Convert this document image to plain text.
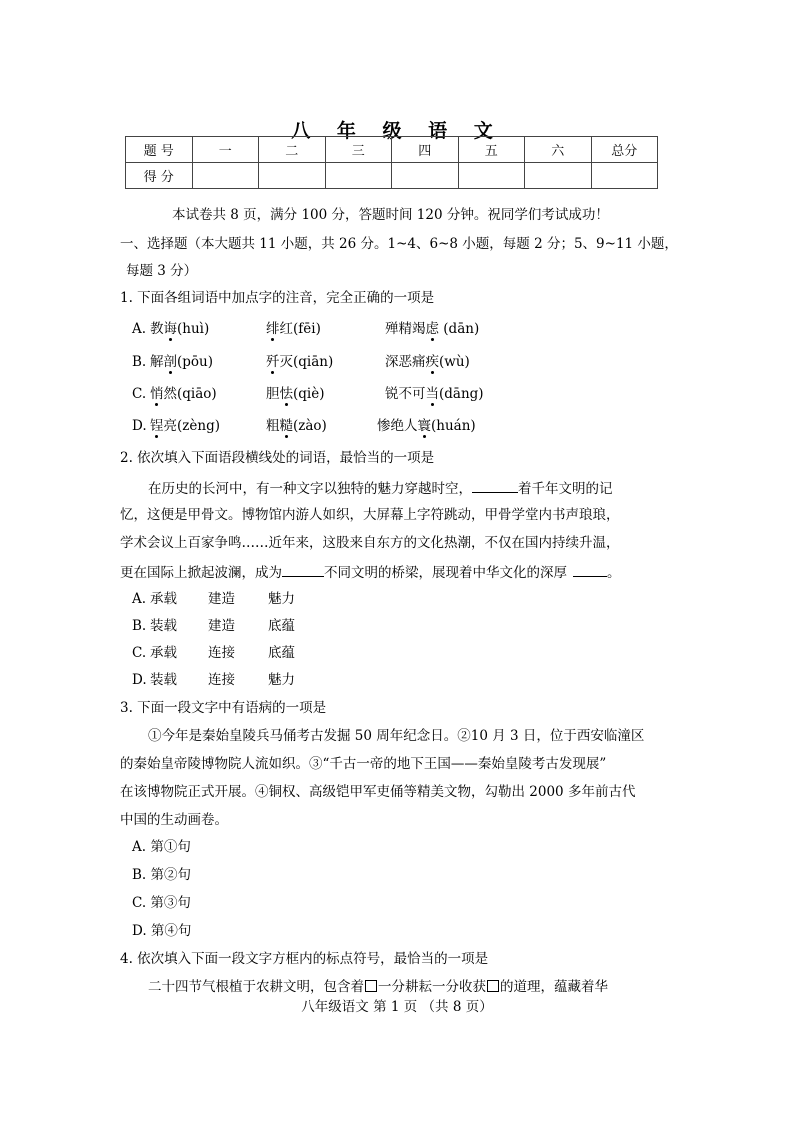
八 年 级 语 文
题 号	一	二	三	四	五	六	总分
得 分							
本试卷共 8 页，满分 100 分，答题时间 120 分钟。祝同学们考试成功！
一、选择题（本大题共 11 小题，共 26 分。1~4、6~8 小题，每题 2 分；5、9~11 小题，
每题 3 分）
1. 下面各组词语中加点字的注音，完全正确的一项是
A. 教诲(huì)	绯红(fēi)	殚精竭虑 (dān)
B. 解剖(pōu)	歼灭(qiān)	深恶痛疾(wù)
C. 悄然(qiāo)	胆怯(qiè)	锐不可当(dāng)
D. 锃亮(zèng)	粗糙(zào)	惨绝人寰(huán)
2. 依次填入下面语段横线处的词语，最恰当的一项是
在历史的长河中，有一种文字以独特的魅力穿越时空，	着千年文明的记
忆，这便是甲骨文。博物馆内游人如织，大屏幕上字符跳动，甲骨学堂内书声琅琅，
学术会议上百家争鸣……近年来，这股来自东方的文化热潮，不仅在国内持续升温，
更在国际上掀起波澜，成为	不同文明的桥梁，展现着中华文化的深厚	。
A. 承载 建造 魅力
B. 装载 建造 底蕴
C. 承载 连接 底蕴
D. 装载 连接 魅力
3. 下面一段文字中有语病的一项是
①今年是秦始皇陵兵马俑考古发掘 50 周年纪念日。②10 月 3 日，位于西安临潼区
的秦始皇帝陵博物院人流如织。③“千古一帝的地下王国——秦始皇陵考古发现展”
在该博物院正式开展。④铜权、高级铠甲军吏俑等精美文物，勾勒出 2000 多年前古代
中国的生动画卷。
A. 第①句
B. 第②句
C. 第③句
D. 第④句
4. 依次填入下面一段文字方框内的标点符号，最恰当的一项是
二十四节气根植于农耕文明，包含着 一分耕耘一分收获 的道理，蕴藏着华
八年级语文 第 1 页 （共 8 页）
